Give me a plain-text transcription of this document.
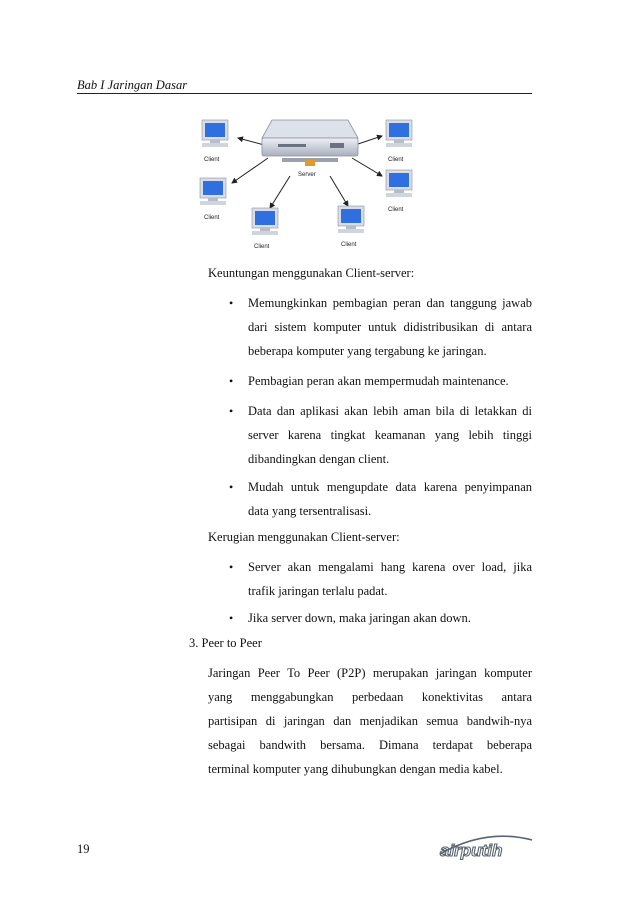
Bab I Jaringan Dasar
Server
Client
Client
Client	Client
Client
Client
Keuntungan menggunakan Client-server:
• Memungkinkan pembagian peran dan tanggung jawab
dari sistem komputer untuk didistribusikan di antara
beberapa komputer yang tergabung ke jaringan.
• Pembagian peran akan mempermudah maintenance.
• Data dan aplikasi akan lebih aman bila di letakkan di
server karena tingkat keamanan yang lebih tinggi
dibandingkan dengan client.
• Mudah untuk mengupdate data karena penyimpanan
data yang tersentralisasi.
Kerugian menggunakan Client-server:
• Server akan mengalami hang karena over load, jika
trafik jaringan terlalu padat.
• Jika server down, maka jaringan akan down.
3. Peer to Peer
Jaringan Peer To Peer (P2P) merupakan jaringan komputer
yang menggabungkan perbedaan konektivitas antara
partisipan di jaringan dan menjadikan semua bandwih-nya
sebagai bandwith bersama. Dimana terdapat beberapa
terminal komputer yang dihubungkan dengan media kabel.
19	airputih
